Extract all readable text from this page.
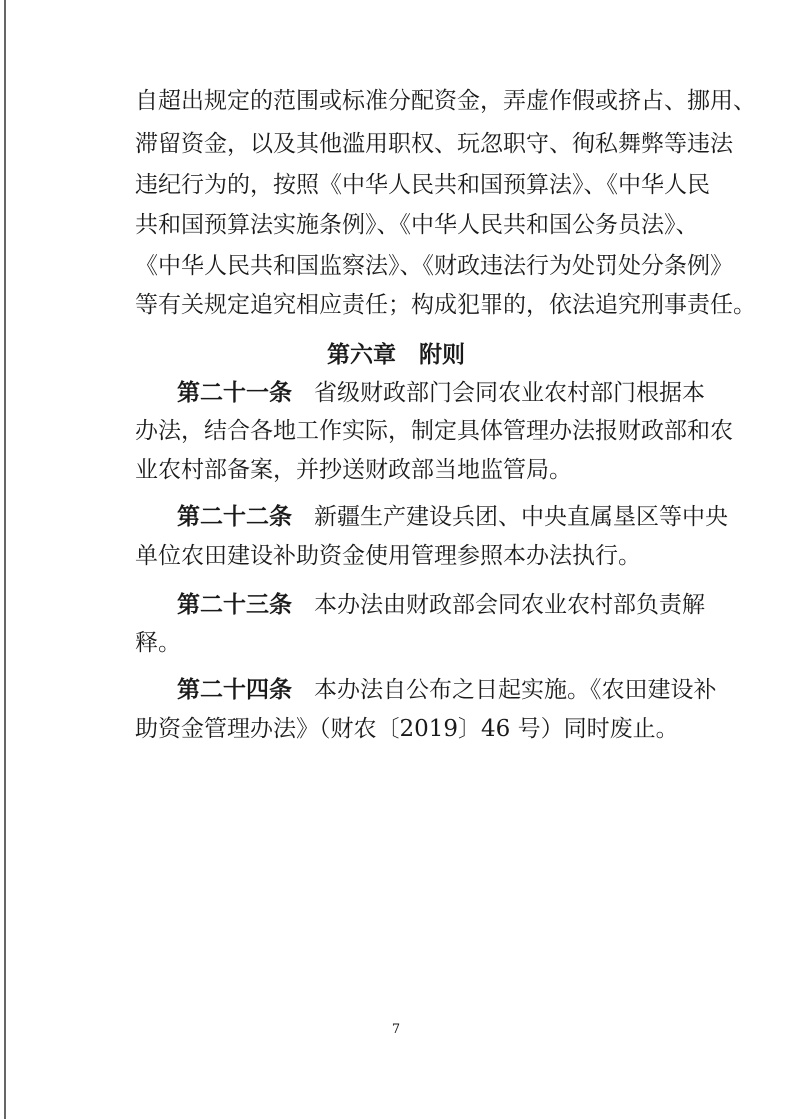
自超出规定的范围或标准分配资金，弄虚作假或挤占、挪用、
滞留资金，以及其他滥用职权、玩忽职守、徇私舞弊等违法
违纪行为的，按照《中华人民共和国预算法》、《中华人民
共和国预算法实施条例》、《中华人民共和国公务员法》、
《中华人民共和国监察法》、《财政违法行为处罚处分条例》
等有关规定追究相应责任；构成犯罪的，依法追究刑事责任。
第六章　附则
第二十一条 省级财政部门会同农业农村部门根据本
办法，结合各地工作实际，制定具体管理办法报财政部和农
业农村部备案，并抄送财政部当地监管局。
第二十二条 新疆生产建设兵团、中央直属垦区等中央
单位农田建设补助资金使用管理参照本办法执行。
第二十三条 本办法由财政部会同农业农村部负责解
释。
第二十四条 本办法自公布之日起实施。《农田建设补
助资金管理办法》（财农〔2019〕46 号）同时废止。
7
